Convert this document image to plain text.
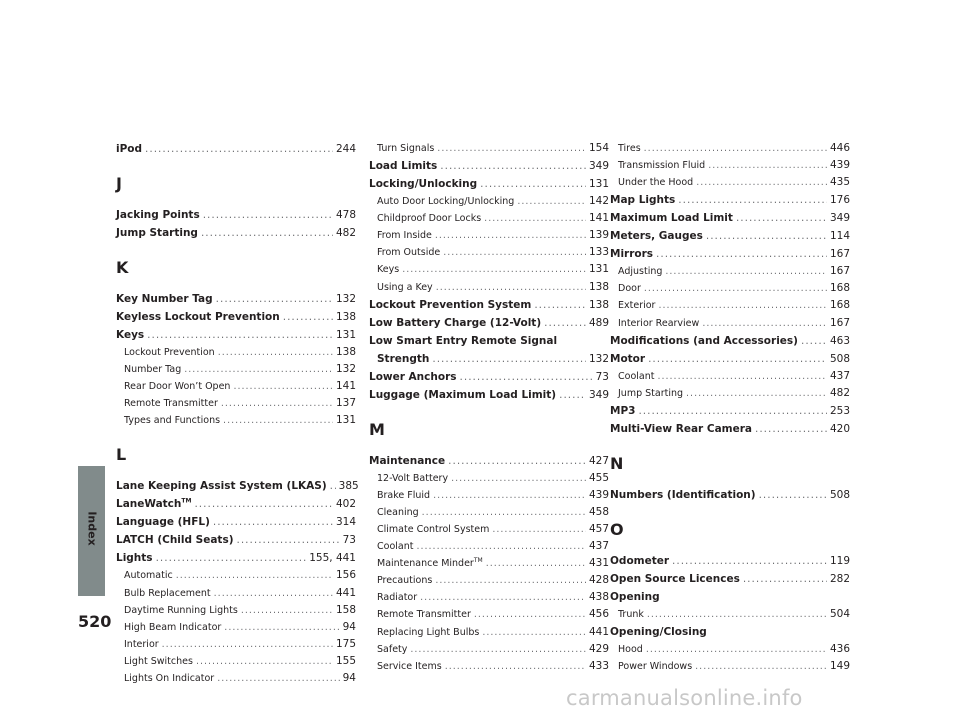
Index
520
iPod .....	244
J
Jacking Points .....	478
Jump Starting .....	482
K
Key Number Tag .....	132
Keyless Lockout Prevention .....	138
Keys .....	131
Lockout Prevention .....	138
Number Tag .....	132
Rear Door Won’t Open .....	141
Remote Transmitter .....	137
Types and Functions .....	131
L
Lane Keeping Assist System (LKAS) ..... 385
LaneWatch™ .....	402
Language (HFL) .....	314
LATCH (Child Seats) .....	73
Lights .....	155, 441
Automatic .....	156
Bulb Replacement .....	441
Daytime Running Lights .....	158
High Beam Indicator .....	94
Interior .....	175
Light Switches .....	155
Lights On Indicator .....	94
Turn Signals .....	154
Load Limits .....	349
Locking/Unlocking .....	131
Auto Door Locking/Unlocking .....	142
Childproof Door Locks .....	141
From Inside .....	139
From Outside .....	133
Keys .....	131
Using a Key .....	138
Lockout Prevention System .....	138
Low Battery Charge (12-Volt) .....	489
Low Smart Entry Remote Signal
Strength .....	132
Lower Anchors .....	73
Luggage (Maximum Load Limit) .....	349
M
Maintenance .....	427
12-Volt Battery .....	455
Brake Fluid .....	439
Cleaning .....	458
Climate Control System .....	457
Coolant .....	437
Maintenance Minder™ .....	431
Precautions .....	428
Radiator .....	438
Remote Transmitter .....	456
Replacing Light Bulbs .....	441
Safety .....	429
Service Items .....	433
Tires .....	446
Transmission Fluid .....	439
Under the Hood .....	435
Map Lights .....	176
Maximum Load Limit .....	349
Meters, Gauges .....	114
Mirrors .....	167
Adjusting .....	167
Door .....	168
Exterior .....	168
Interior Rearview .....	167
Modifications (and Accessories) .....	463
Motor .....	508
Coolant .....	437
Jump Starting .....	482
MP3 .....	253
Multi-View Rear Camera .....	420
N
Numbers (Identification) .....	508
O
Odometer .....	119
Open Source Licences .....	282
Opening
Trunk .....	504
Opening/Closing
Hood .....	436
Power Windows .....	149
carmanualsonline.info
